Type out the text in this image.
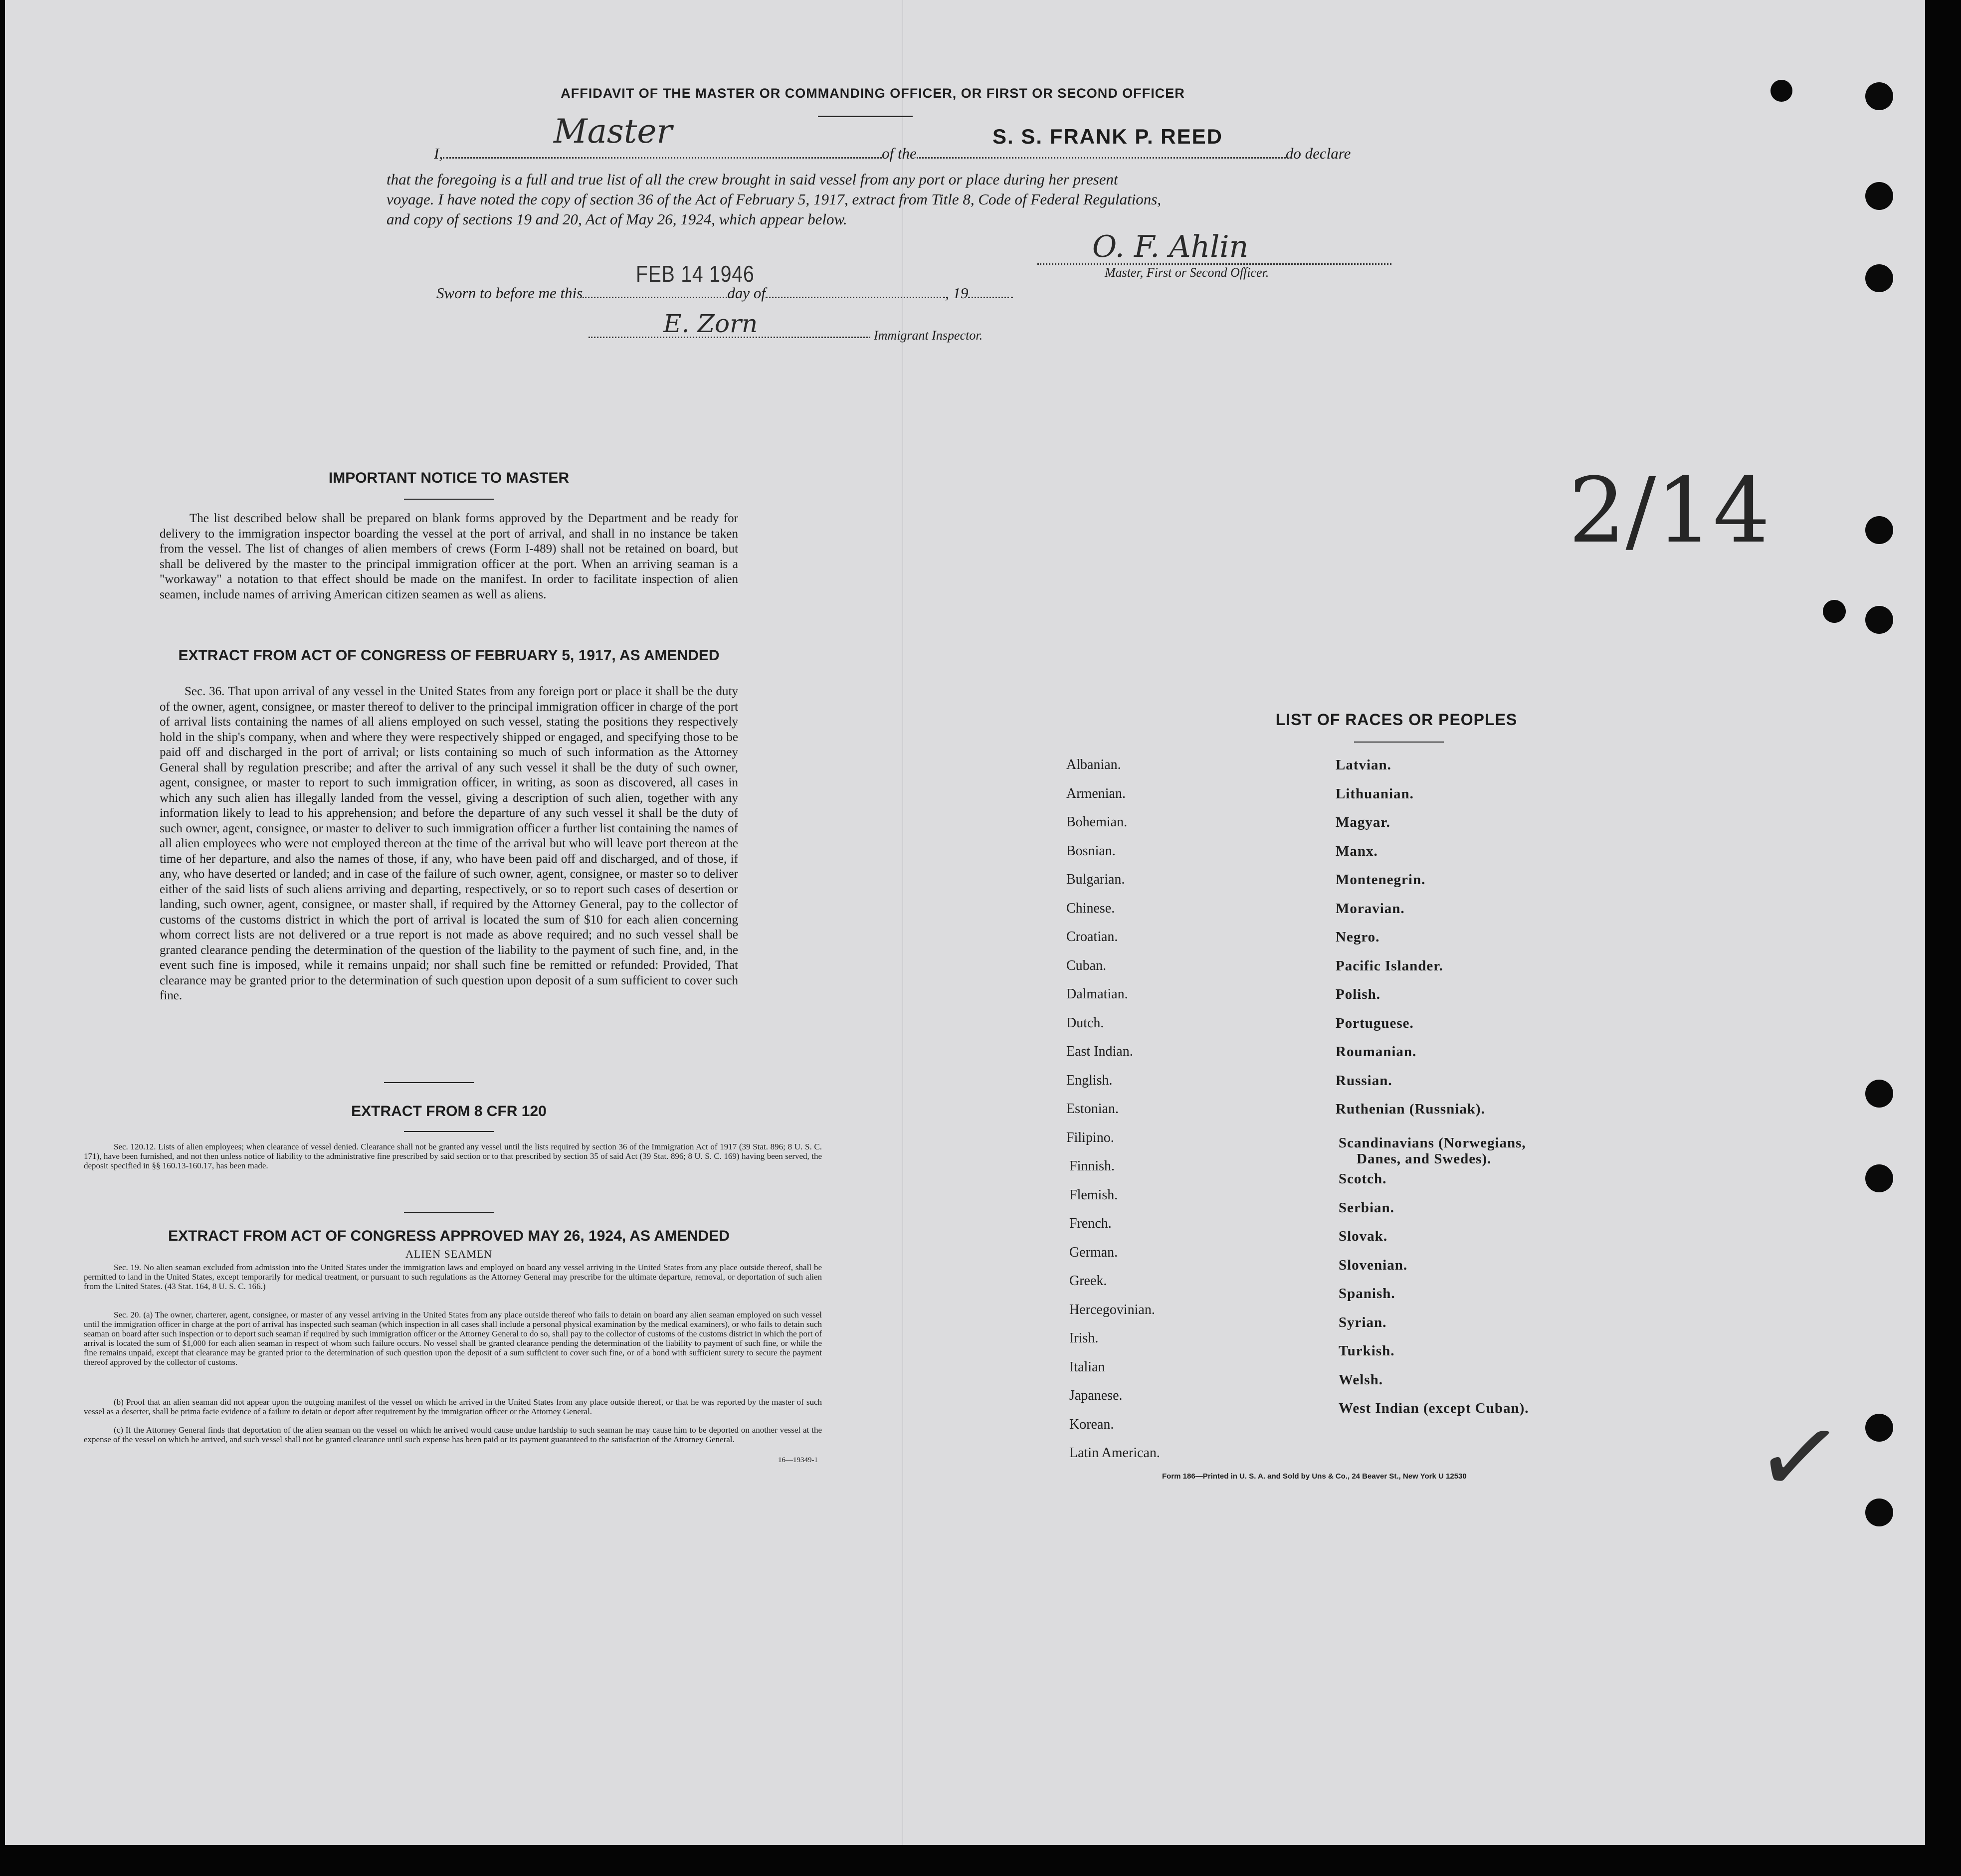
AFFIDAVIT OF THE MASTER OR COMMANDING OFFICER, OR FIRST OR SECOND OFFICER
I,	of the	do declare
Master	S. S. FRANK P. REED
that the foregoing is a full and true list of all the crew brought in said vessel from any port or place during her present
voyage. I have noted the copy of section 36 of the Act of February 5, 1917, extract from Title 8, Code of Federal Regulations,
and copy of sections 19 and 20, Act of May 26, 1924, which appear below.
O. F. Ahlin
Master, First or Second Officer.
Sworn to before me this	day of	, 19
FEB 14 1946
E. Zorn	Immigrant Inspector.
2/14
✓
IMPORTANT NOTICE TO MASTER
The list described below shall be prepared on blank forms approved by the Department and be ready for delivery to the immigration inspector boarding the vessel at the port of arrival, and shall in no instance be taken from the vessel. The list of changes of alien members of crews (Form I-489) shall not be retained on board, but shall be delivered by the master to the principal immigration officer at the port. When an arriving seaman is a "workaway" a notation to that effect should be made on the manifest. In order to facilitate inspection of alien seamen, include names of arriving American citizen seamen as well as aliens.
EXTRACT FROM ACT OF CONGRESS OF FEBRUARY 5, 1917, AS AMENDED
Sec. 36. That upon arrival of any vessel in the United States from any foreign port or place it shall be the duty of the owner, agent, consignee, or master thereof to deliver to the principal immigration officer in charge of the port of arrival lists containing the names of all aliens employed on such vessel, stating the positions they respectively hold in the ship's company, when and where they were respectively shipped or engaged, and specifying those to be paid off and discharged in the port of arrival; or lists containing so much of such information as the Attorney General shall by regulation prescribe; and after the arrival of any such vessel it shall be the duty of such owner, agent, consignee, or master to report to such immigration officer, in writing, as soon as discovered, all cases in which any such alien has illegally landed from the vessel, giving a description of such alien, together with any information likely to lead to his apprehension; and before the departure of any such vessel it shall be the duty of such owner, agent, consignee, or master to deliver to such immigration officer a further list containing the names of all alien employees who were not employed thereon at the time of the arrival but who will leave port thereon at the time of her departure, and also the names of those, if any, who have been paid off and discharged, and of those, if any, who have deserted or landed; and in case of the failure of such owner, agent, consignee, or master so to deliver either of the said lists of such aliens arriving and departing, respectively, or so to report such cases of desertion or landing, such owner, agent, consignee, or master shall, if required by the Attorney General, pay to the collector of customs of the customs district in which the port of arrival is located the sum of $10 for each alien concerning whom correct lists are not delivered or a true report is not made as above required; and no such vessel shall be granted clearance pending the determination of the question of the liability to the payment of such fine, and, in the event such fine is imposed, while it remains unpaid; nor shall such fine be remitted or refunded: Provided, That clearance may be granted prior to the determination of such question upon deposit of a sum sufficient to cover such fine.
EXTRACT FROM 8 CFR 120
Sec. 120.12. Lists of alien employees; when clearance of vessel denied. Clearance shall not be granted any vessel until the lists required by section 36 of the Immigration Act of 1917 (39 Stat. 896; 8 U. S. C. 171), have been furnished, and not then unless notice of liability to the administrative fine prescribed by said section or to that prescribed by section 35 of said Act (39 Stat. 896; 8 U. S. C. 169) having been served, the deposit specified in §§ 160.13-160.17, has been made.
EXTRACT FROM ACT OF CONGRESS APPROVED MAY 26, 1924, AS AMENDED
ALIEN SEAMEN
Sec. 19. No alien seaman excluded from admission into the United States under the immigration laws and employed on board any vessel arriving in the United States from any place outside thereof, shall be permitted to land in the United States, except temporarily for medical treatment, or pursuant to such regulations as the Attorney General may prescribe for the ultimate departure, removal, or deportation of such alien from the United States. (43 Stat. 164, 8 U. S. C. 166.)
Sec. 20. (a) The owner, charterer, agent, consignee, or master of any vessel arriving in the United States from any place outside thereof who fails to detain on board any alien seaman employed on such vessel until the immigration officer in charge at the port of arrival has inspected such seaman (which inspection in all cases shall include a personal physical examination by the medical examiners), or who fails to detain such seaman on board after such inspection or to deport such seaman if required by such immigration officer or the Attorney General to do so, shall pay to the collector of customs of the customs district in which the port of arrival is located the sum of $1,000 for each alien seaman in respect of whom such failure occurs. No vessel shall be granted clearance pending the determination of the liability to payment of such fine, or while the fine remains unpaid, except that clearance may be granted prior to the determination of such question upon the deposit of a sum sufficient to cover such fine, or of a bond with sufficient surety to secure the payment thereof approved by the collector of customs.
(b) Proof that an alien seaman did not appear upon the outgoing manifest of the vessel on which he arrived in the United States from any place outside thereof, or that he was reported by the master of such vessel as a deserter, shall be prima facie evidence of a failure to detain or deport after requirement by the immigration officer or the Attorney General.
(c) If the Attorney General finds that deportation of the alien seaman on the vessel on which he arrived would cause undue hardship to such seaman he may cause him to be deported on another vessel at the expense of the vessel on which he arrived, and such vessel shall not be granted clearance until such expense has been paid or its payment guaranteed to the satisfaction of the Attorney General.
16—19349-1
LIST OF RACES OR PEOPLES
Albanian.
Armenian.
Bohemian.
Bosnian.
Bulgarian.
Chinese.
Croatian.
Cuban.
Dalmatian.
Dutch.
East Indian.
English.
Estonian.
Filipino.
Finnish.
Flemish.
French.
German.
Greek.
Hercegovinian.
Irish.
Italian
Japanese.
Korean.
Latin American.
Latvian.
Lithuanian.
Magyar.
Manx.
Montenegrin.
Moravian.
Negro.
Pacific Islander.
Polish.
Portuguese.
Roumanian.
Russian.
Ruthenian (Russniak).
Scandinavians (Norwegians,
Danes, and Swedes).
Scotch.
Serbian.
Slovak.
Slovenian.
Spanish.
Syrian.
Turkish.
Welsh.
West Indian (except Cuban).
Form 186—Printed in U. S. A. and Sold by Uns & Co., 24 Beaver St., New York U 12530
